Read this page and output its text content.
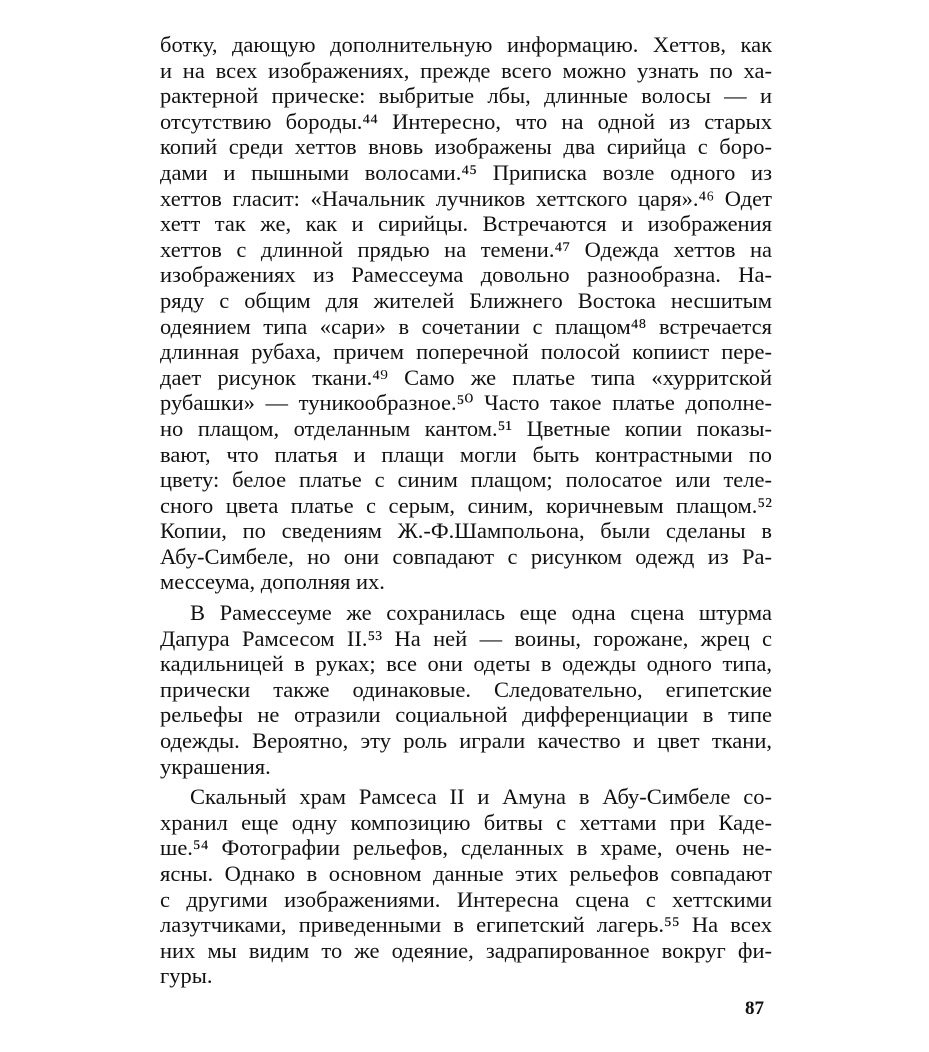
ботку, дающую дополнительную информацию. Хеттов, как
и на всех изображениях, прежде всего можно узнать по ха-
рактерной прическе: выбритые лбы, длинные волосы — и
отсутствию бороды.⁴⁴ Интересно, что на одной из старых
копий среди хеттов вновь изображены два сирийца с боро-
дами и пышными волосами.⁴⁵ Приписка возле одного из
хеттов гласит: «Начальник лучников хеттского царя».⁴⁶ Одет
хетт так же, как и сирийцы. Встречаются и изображения
хеттов с длинной прядью на темени.⁴⁷ Одежда хеттов на
изображениях из Рамессеума довольно разнообразна. На-
ряду с общим для жителей Ближнего Востока несшитым
одеянием типа «сари» в сочетании с плащом⁴⁸ встречается
длинная рубаха, причем поперечной полосой копиист пере-
дает рисунок ткани.⁴⁹ Само же платье типа «хурритской
рубашки» — туникообразное.⁵⁰ Часто такое платье дополне-
но плащом, отделанным кантом.⁵¹ Цветные копии показы-
вают, что платья и плащи могли быть контрастными по
цвету: белое платье с синим плащом; полосатое или теле-
сного цвета платье с серым, синим, коричневым плащом.⁵²
Копии, по сведениям Ж.-Ф.Шампольона, были сделаны в
Абу-Симбеле, но они совпадают с рисунком одежд из Ра-
мессеума, дополняя их.
В Рамессеуме же сохранилась еще одна сцена штурма
Дапура Рамсесом II.⁵³ На ней — воины, горожане, жрец с
кадильницей в руках; все они одеты в одежды одного типа,
прически также одинаковые. Следовательно, египетские
рельефы не отразили социальной дифференциации в типе
одежды. Вероятно, эту роль играли качество и цвет ткани,
украшения.
Скальный храм Рамсеса II и Амуна в Абу-Симбеле со-
хранил еще одну композицию битвы с хеттами при Каде-
ше.⁵⁴ Фотографии рельефов, сделанных в храме, очень не-
ясны. Однако в основном данные этих рельефов совпадают
с другими изображениями. Интересна сцена с хеттскими
лазутчиками, приведенными в египетский лагерь.⁵⁵ На всех
них мы видим то же одеяние, задрапированное вокруг фи-
гуры.
87
